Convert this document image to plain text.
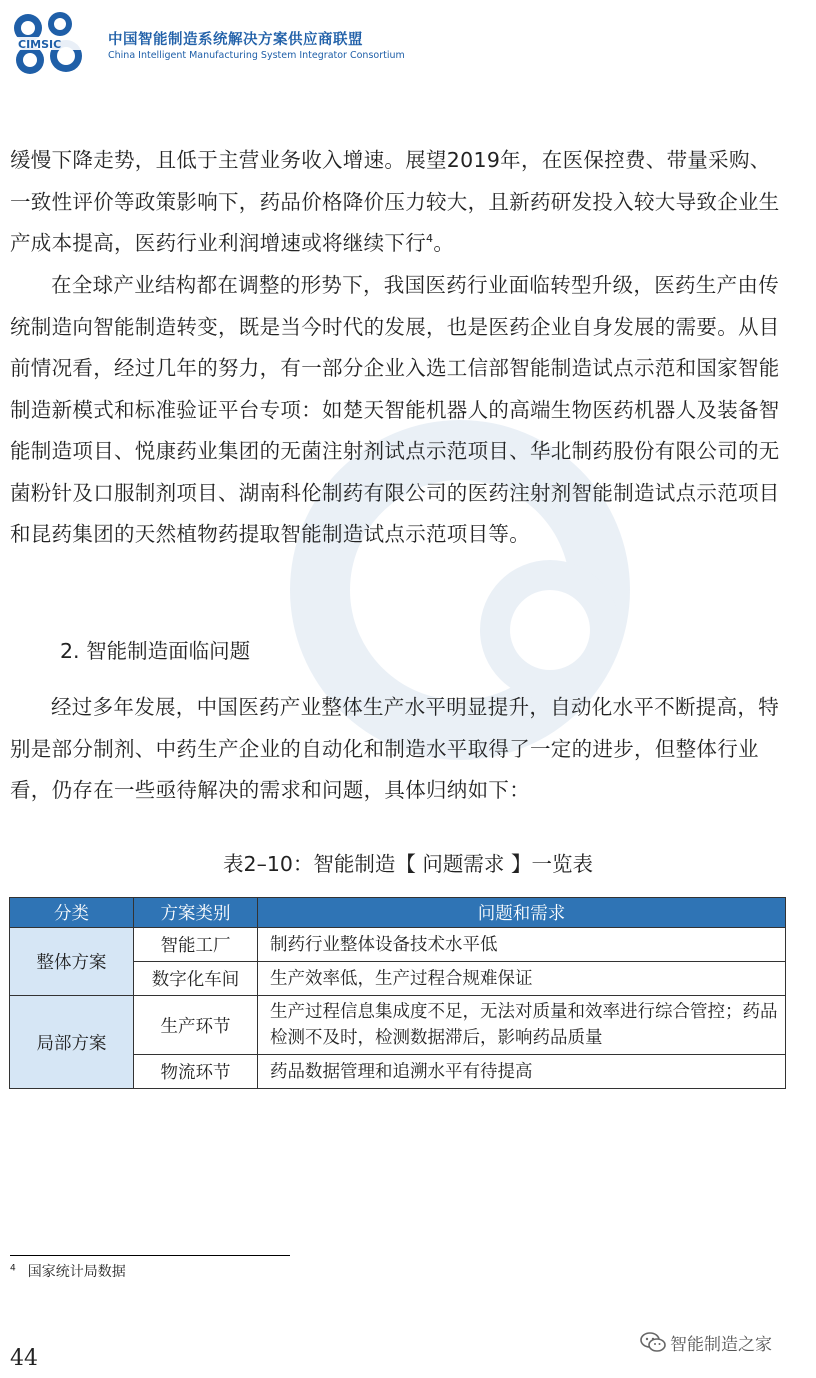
CIMSIC	中国智能制造系统解决方案供应商联盟
China Intelligent Manufacturing System Integrator Consortium

缓慢下降走势，且低于主营业务收入增速。展望2019年，在医保控费、带量采购、一致性评价等政策影响下，药品价格降价压力较大，且新药研发投入较大导致企业生产成本提高，医药行业利润增速或将继续下行$^4$。

在全球产业结构都在调整的形势下，我国医药行业面临转型升级，医药生产由传统制造向智能制造转变，既是当今时代的发展，也是医药企业自身发展的需要。从目前情况看，经过几年的努力，有一部分企业入选工信部智能制造试点示范和国家智能制造新模式和标准验证平台专项：如楚天智能机器人的高端生物医药机器人及装备智能制造项目、悦康药业集团的无菌注射剂试点示范项目、华北制药股份有限公司的无菌粉针及口服制剂项目、湖南科伦制药有限公司的医药注射剂智能制造试点示范项目和昆药集团的天然植物药提取智能制造试点示范项目等。

2. 智能制造面临问题

经过多年发展，中国医药产业整体生产水平明显提升，自动化水平不断提高，特别是部分制剂、中药生产企业的自动化和制造水平取得了一定的进步，但整体行业看，仍存在一些亟待解决的需求和问题，具体归纳如下：

表2–10：智能制造【 问题需求 】一览表
分类	方案类别	问题和需求
整体方案	智能工厂	制药行业整体设备技术水平低
	数字化车间	生产效率低，生产过程合规难保证
局部方案	生产环节	生产过程信息集成度不足，无法对质量和效率进行综合管控；药品检测不及时，检测数据滞后，影响药品质量
	物流环节	药品数据管理和追溯水平有待提高
$^4$ 国家统计局数据
智能制造之家
44
